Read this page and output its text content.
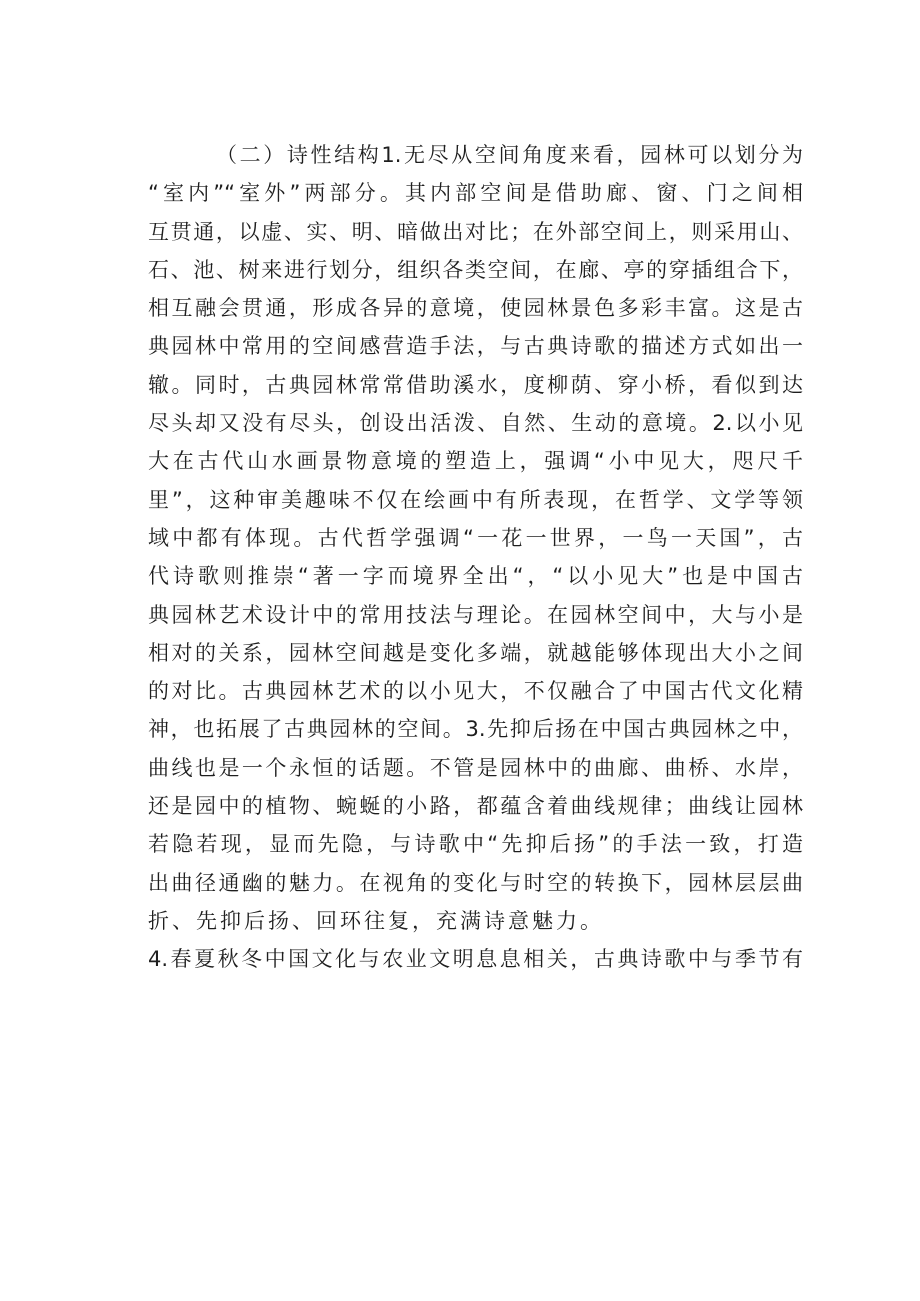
（二）诗性结构1.无尽从空间角度来看，园林可以划分为
“室内”“室外”两部分。其内部空间是借助廊、窗、门之间相
互贯通，以虚、实、明、暗做出对比；在外部空间上，则采用山、
石、池、树来进行划分，组织各类空间，在廊、亭的穿插组合下，
相互融会贯通，形成各异的意境，使园林景色多彩丰富。这是古
典园林中常用的空间感营造手法，与古典诗歌的描述方式如出一
辙。同时，古典园林常常借助溪水，度柳荫、穿小桥，看似到达
尽头却又没有尽头，创设出活泼、自然、生动的意境。2.以小见
大在古代山水画景物意境的塑造上，强调“小中见大，咫尺千
里”，这种审美趣味不仅在绘画中有所表现，在哲学、文学等领
域中都有体现。古代哲学强调“一花一世界，一鸟一天国”，古
代诗歌则推崇“著一字而境界全出“，“以小见大”也是中国古
典园林艺术设计中的常用技法与理论。在园林空间中，大与小是
相对的关系，园林空间越是变化多端，就越能够体现出大小之间
的对比。古典园林艺术的以小见大，不仅融合了中国古代文化精
神，也拓展了古典园林的空间。3.先抑后扬在中国古典园林之中，
曲线也是一个永恒的话题。不管是园林中的曲廊、曲桥、水岸，
还是园中的植物、蜿蜒的小路，都蕴含着曲线规律；曲线让园林
若隐若现，显而先隐，与诗歌中“先抑后扬”的手法一致，打造
出曲径通幽的魅力。在视角的变化与时空的转换下，园林层层曲
折、先抑后扬、回环往复，充满诗意魅力。
4.春夏秋冬中国文化与农业文明息息相关，古典诗歌中与季节有
